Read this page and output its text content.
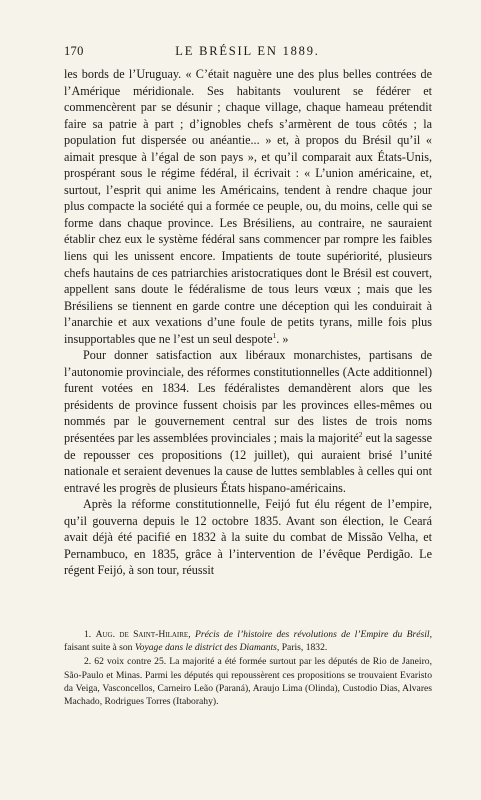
170	LE BRÉSIL EN 1889.

les bords de l’Uruguay. « C’était naguère une des plus belles contrées de l’Amérique méridionale. Ses habitants voulurent se fédérer et commencèrent par se désunir ; chaque village, chaque hameau prétendit faire sa patrie à part ; d’ignobles chefs s’armèrent de tous côtés ; la population fut dispersée ou anéantie... » et, à propos du Brésil qu’il « aimait presque à l’égal de son pays », et qu’il comparait aux États-Unis, prospérant sous le régime fédéral, il écrivait : « L’union américaine, et, surtout, l’esprit qui anime les Américains, tendent à rendre chaque jour plus compacte la société qui a formée ce peuple, ou, du moins, celle qui se forme dans chaque province. Les Brésiliens, au contraire, ne sauraient établir chez eux le système fédéral sans commencer par rompre les faibles liens qui les unissent encore. Impatients de toute supériorité, plusieurs chefs hautains de ces patriarchies aristocratiques dont le Brésil est couvert, appellent sans doute le fédéralisme de tous leurs vœux ; mais que les Brésiliens se tiennent en garde contre une déception qui les conduirait à l’anarchie et aux vexations d’une foule de petits tyrans, mille fois plus insupportables que ne l’est un seul despote$^1$. »

Pour donner satisfaction aux libéraux monarchistes, partisans de l’autonomie provinciale, des réformes constitutionnelles (Acte additionnel) furent votées en 1834. Les fédéralistes demandèrent alors que les présidents de province fussent choisis par les provinces elles-mêmes ou nommés par le gouvernement central sur des listes de trois noms présentées par les assemblées provinciales ; mais la majorité$^2$ eut la sagesse de repousser ces propositions (12 juillet), qui auraient brisé l’unité nationale et seraient devenues la cause de luttes semblables à celles qui ont entravé les progrès de plusieurs États hispano-américains.

Après la réforme constitutionnelle, Feijó fut élu régent de l’empire, qu’il gouverna depuis le 12 octobre 1835. Avant son élection, le Ceará avait déjà été pacifié en 1832 à la suite du combat de Missão Velha, et Pernambuco, en 1835, grâce à l’intervention de l’évêque Perdigão. Le régent Feijó, à son tour, réussit

1. Aug. de Saint-Hilaire, Précis de l’histoire des révolutions de l’Empire du Brésil, faisant suite à son Voyage dans le district des Diamants, Paris, 1832.

2. 62 voix contre 25. La majorité a été formée surtout par les députés de Rio de Janeiro, São-Paulo et Minas. Parmi les députés qui repoussèrent ces propositions se trouvaient Evaristo da Veiga, Vasconcellos, Carneiro Leão (Paraná), Araujo Lima (Olinda), Custodio Dias, Alvares Machado, Rodrigues Torres (Itaborahy).
